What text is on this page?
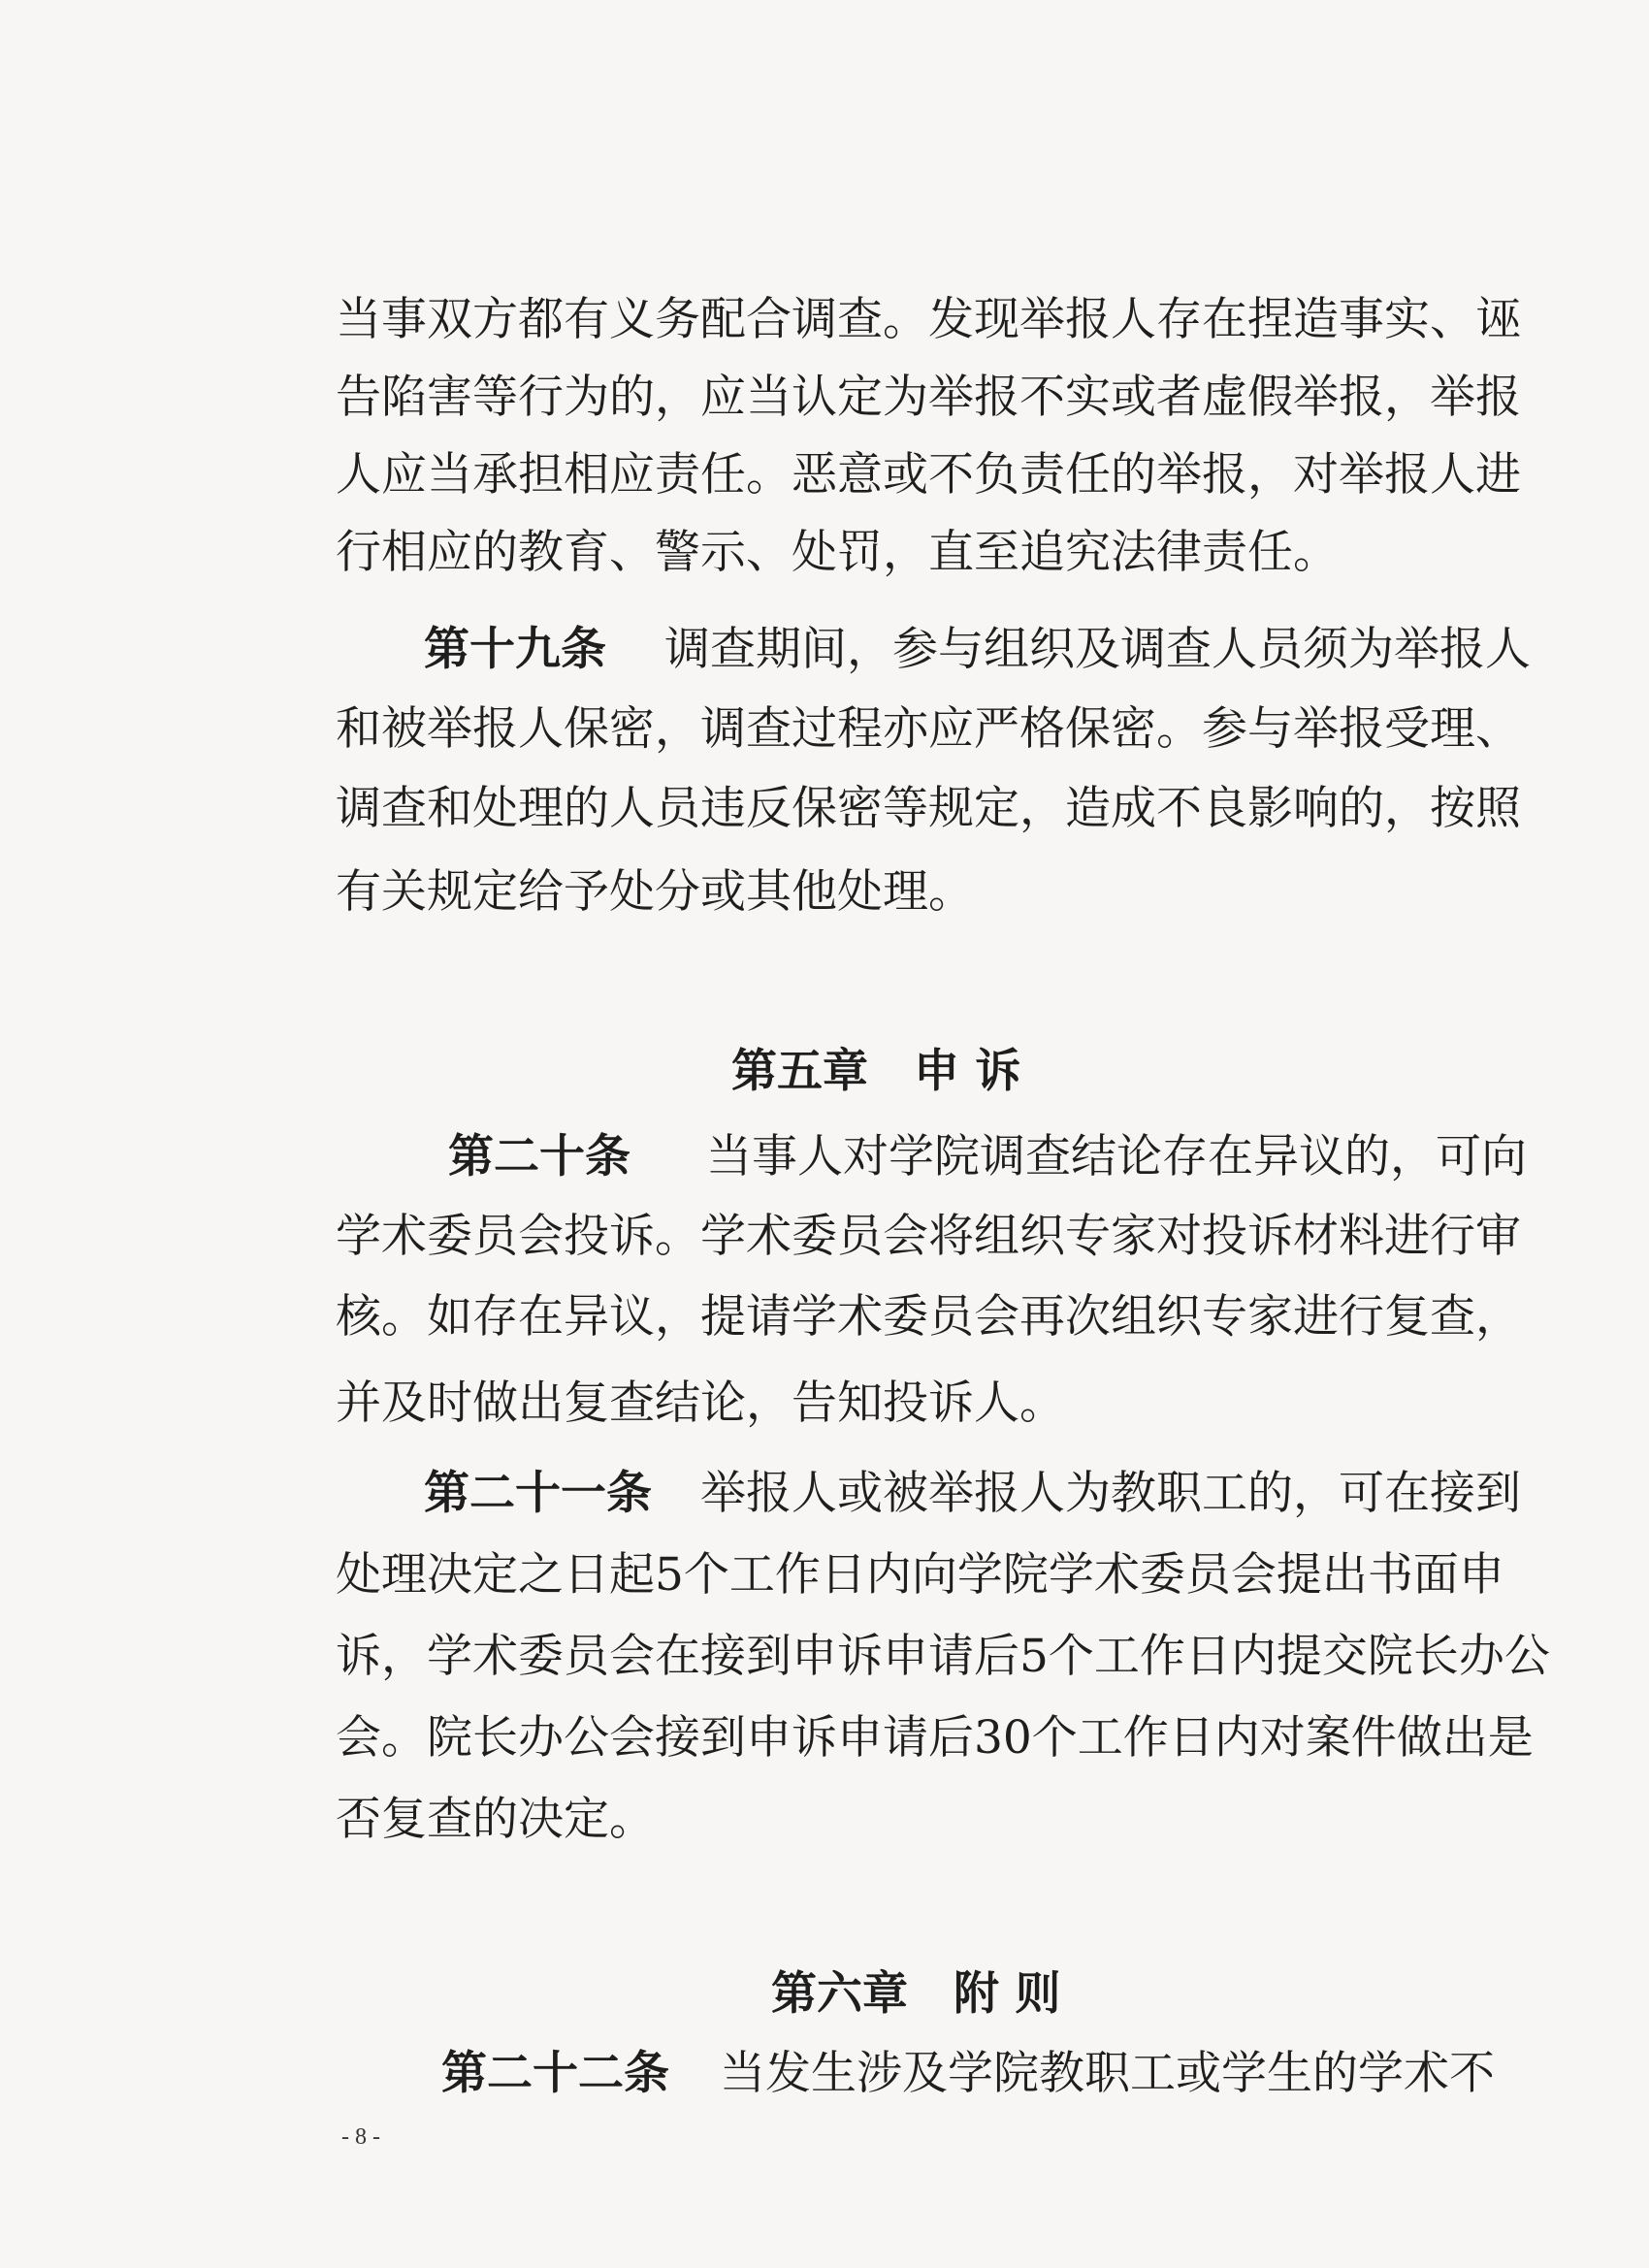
当事双方都有义务配合调查。发现举报人存在捏造事实、诬
告陷害等行为的，应当认定为举报不实或者虚假举报，举报
人应当承担相应责任。恶意或不负责任的举报，对举报人进
行相应的教育、警示、处罚，直至追究法律责任。
第十九条 调查期间，参与组织及调查人员须为举报人
和被举报人保密，调查过程亦应严格保密。参与举报受理、
调查和处理的人员违反保密等规定，造成不良影响的，按照
有关规定给予处分或其他处理。
第五章　申 诉
第二十条 当事人对学院调查结论存在异议的，可向
学术委员会投诉。学术委员会将组织专家对投诉材料进行审
核。如存在异议，提请学术委员会再次组织专家进行复查，
并及时做出复查结论，告知投诉人。
第二十一条 举报人或被举报人为教职工的，可在接到
处理决定之日起5个工作日内向学院学术委员会提出书面申
诉，学术委员会在接到申诉申请后5个工作日内提交院长办公
会。院长办公会接到申诉申请后30个工作日内对案件做出是
否复查的决定。
第六章　附 则
第二十二条 当发生涉及学院教职工或学生的学术不
- 8 -
